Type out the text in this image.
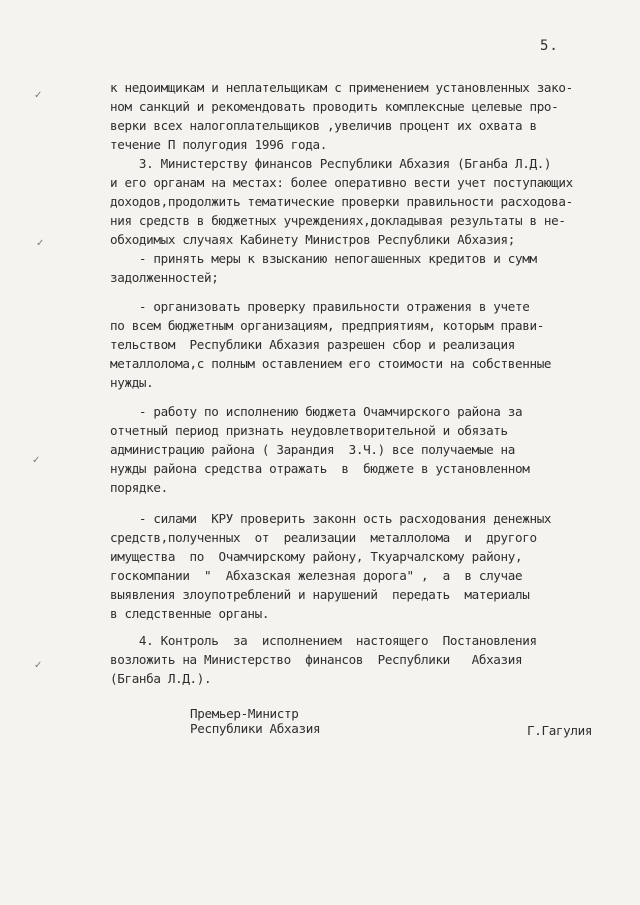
5.
к недоимщикам и неплательщикам с применением установленных зако-
ном санкций и рекомендовать проводить комплексные целевые про-
верки всех налогоплательщиков ,увеличив процент их охвата в
течение П полугодия 1996 года.
3. Министерству финансов Республики Абхазия (Бганба Л.Д.)
и его органам на местах: более оперативно вести учет поступающих
доходов,продолжить тематические проверки правильности расходова-
ния средств в бюджетных учреждениях,докладывая результаты в не-
обходимых случаях Кабинету Министров Республики Абхазия;
- принять меры к взысканию непогашенных кредитов и сумм
задолженностей;
- организовать проверку правильности отражения в учете
по всем бюджетным организациям, предприятиям, которым прави-
тельством  Республики Абхазия разрешен сбор и реализация
металлолома,с полным оставлением его стоимости на собственные
нужды.
- работу по исполнению бюджета Очамчирского района за
отчетный период признать неудовлетворительной и обязать
администрацию района ( Зарандия  З.Ч.) все получаемые на
нужды района средства отражать  в  бюджете в установленном
порядке.
- силами  КРУ проверить законн ость расходования денежных
средств,полученных  от  реализации  металлолома  и  другого
имущества  по  Очамчирскому району, Ткуарчалскому району,
госкомпании  "  Абхазская железная дорога" ,  а  в случае
выявления злоупотреблений и нарушений  передать  материалы
в следственные органы.
4. Контроль  за  исполнением  настоящего  Постановления
возложить на Министерство  финансов  Республики   Абхазия
(Бганба Л.Д.).
Премьер-Министр
Республики Абхазия	Г.Гагулия
✓
✓
✓
✓
